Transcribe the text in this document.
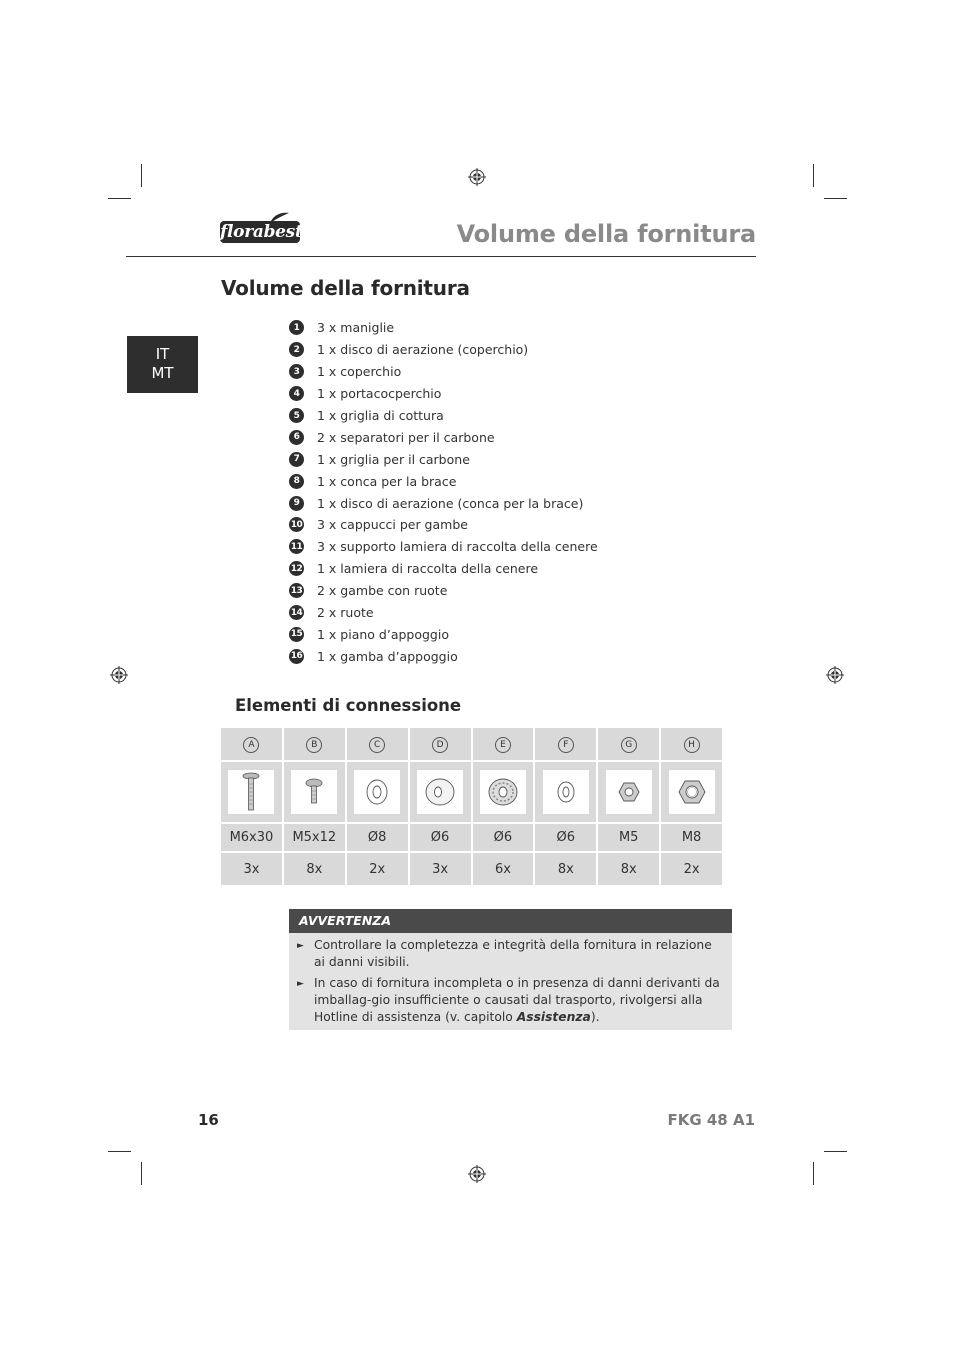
florabest	Volume della fornitura
IT
MT
Volume della fornitura
1	3 x maniglie
2	1 x disco di aerazione (coperchio)
3	1 x coperchio
4	1 x portacocperchio
5	1 x griglia di cottura
6	2 x separatori per il carbone
7	1 x griglia per il carbone
8	1 x conca per la brace
9	1 x disco di aerazione (conca per la brace)
10 3 x cappucci per gambe
11 3 x supporto lamiera di raccolta della cenere
12 1 x lamiera di raccolta della cenere
13 2 x gambe con ruote
14 2 x ruote
15 1 x piano d’appoggio
16 1 x gamba d’appoggio
Elementi di connessione
A	B	C	D	E	F	G	H

M6x30	M5x12	Ø8	Ø6	Ø6	Ø6	M5	M8
3x	8x	2x	3x	6x	8x	8x	2x
AVVERTENZA
► Controllare la completezza e integrità della fornitura in relazione ai danni visibili.
► In caso di fornitura incompleta o in presenza di danni derivanti da imballag-gio insufficiente o causati dal trasporto, rivolgersi alla Hotline di assistenza (v. capitolo Assistenza).
16	FKG 48 A1
